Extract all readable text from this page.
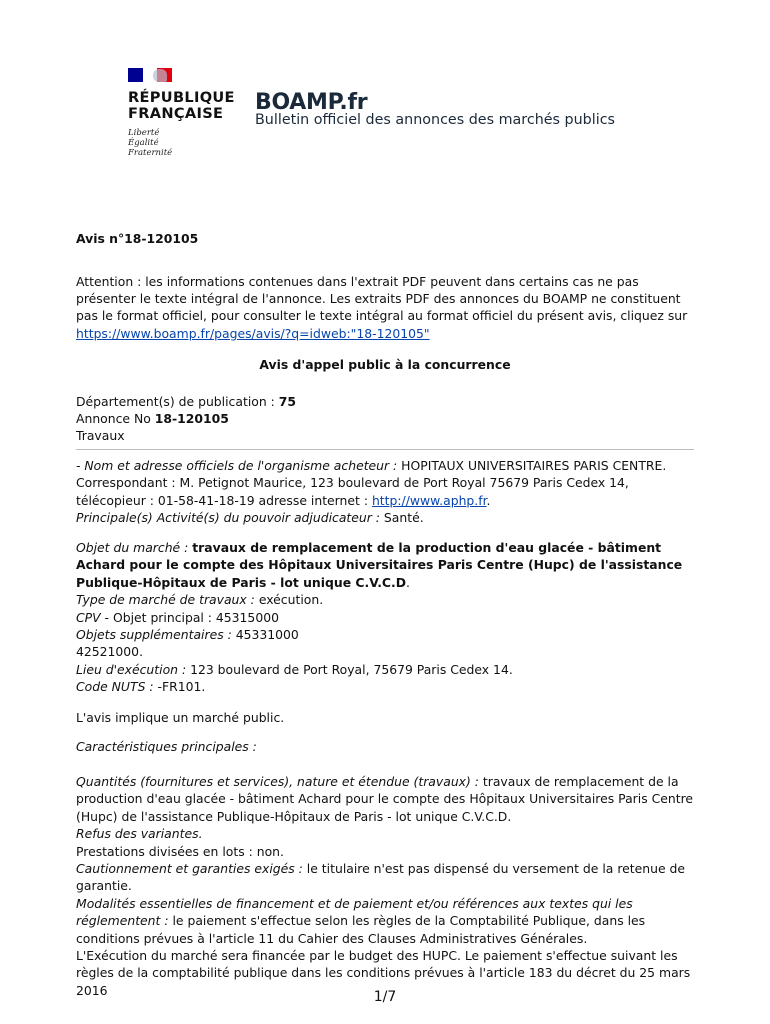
RÉPUBLIQUE
FRANÇAISE
Liberté
Égalité
Fraternité
BOAMP.fr
Bulletin officiel des annonces des marchés publics
Avis n°18-120105
Attention : les informations contenues dans l'extrait PDF peuvent dans certains cas ne pas présenter le texte intégral de l'annonce. Les extraits PDF des annonces du BOAMP ne constituent pas le format officiel, pour consulter le texte intégral au format officiel du présent avis, cliquez sur
https://www.boamp.fr/pages/avis/?q=idweb:"18-120105"
Avis d'appel public à la concurrence
Département(s) de publication : 75
Annonce No 18-120105
Travaux
- Nom et adresse officiels de l'organisme acheteur : HOPITAUX UNIVERSITAIRES PARIS CENTRE.
Correspondant : M. Petignot Maurice, 123 boulevard de Port Royal 75679 Paris Cedex 14,
télécopieur : 01-58-41-18-19 adresse internet : http://www.aphp.fr.
Principale(s) Activité(s) du pouvoir adjudicateur : Santé.
Objet du marché : travaux de remplacement de la production d'eau glacée - bâtiment Achard pour le compte des Hôpitaux Universitaires Paris Centre (Hupc) de l'assistance Publique-Hôpitaux de Paris - lot unique C.V.C.D.
Type de marché de travaux : exécution.
CPV - Objet principal : 45315000
Objets supplémentaires : 45331000
42521000.
Lieu d'exécution : 123 boulevard de Port Royal, 75679 Paris Cedex 14.
Code NUTS : -FR101.
L'avis implique un marché public.
Caractéristiques principales :
Quantités (fournitures et services), nature et étendue (travaux) : travaux de remplacement de la production d'eau glacée - bâtiment Achard pour le compte des Hôpitaux Universitaires Paris Centre (Hupc) de l'assistance Publique-Hôpitaux de Paris - lot unique C.V.C.D.
Refus des variantes.
Prestations divisées en lots : non.
Cautionnement et garanties exigés : le titulaire n'est pas dispensé du versement de la retenue de garantie.
Modalités essentielles de financement et de paiement et/ou références aux textes qui les réglementent : le paiement s'effectue selon les règles de la Comptabilité Publique, dans les conditions prévues à l'article 11 du Cahier des Clauses Administratives Générales.
L'Exécution du marché sera financée par le budget des HUPC. Le paiement s'effectue suivant les règles de la comptabilité publique dans les conditions prévues à l'article 183 du décret du 25 mars 2016	1/7
